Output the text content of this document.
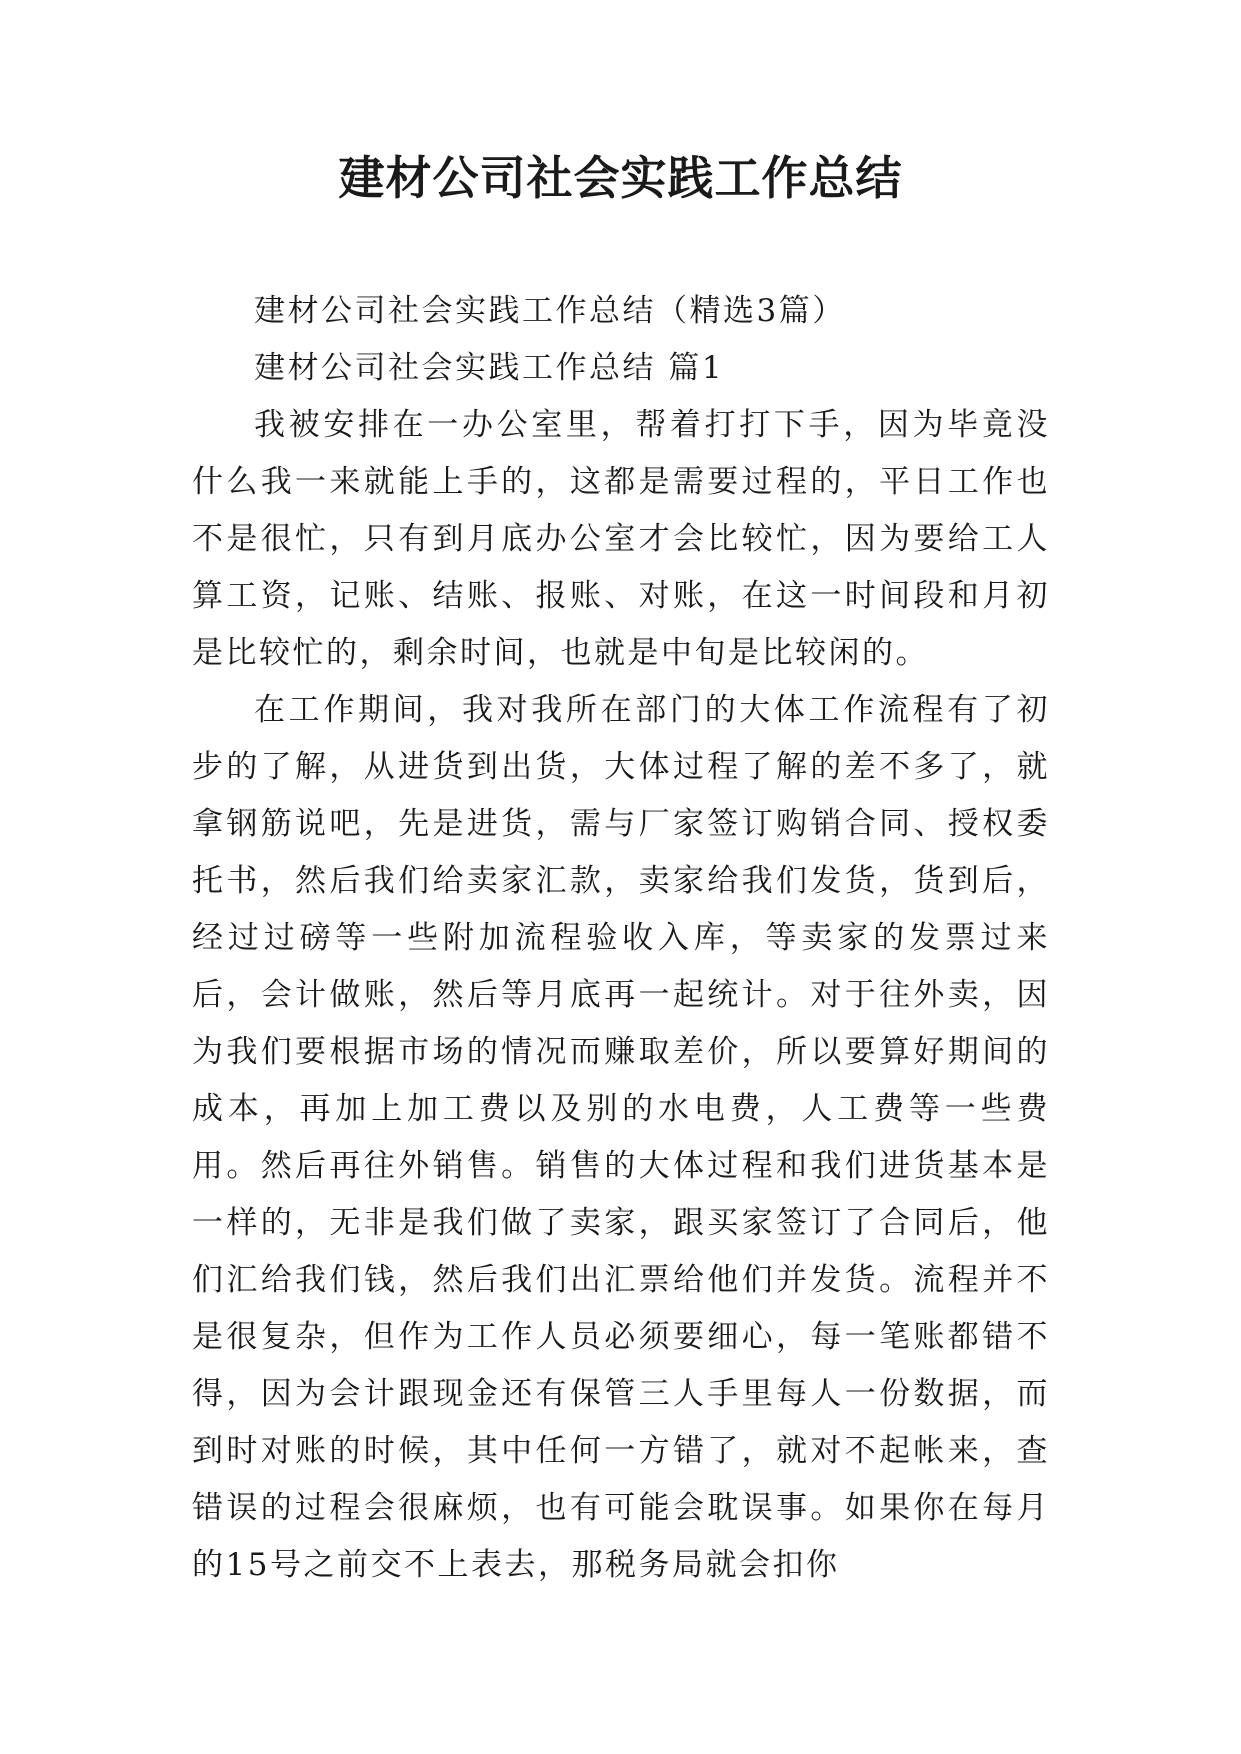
建材公司社会实践工作总结

建材公司社会实践工作总结（精选3篇）

建材公司社会实践工作总结 篇1

我被安排在一办公室里，帮着打打下手，因为毕竟没什么我一来就能上手的，这都是需要过程的，平日工作也不是很忙，只有到月底办公室才会比较忙，因为要给工人算工资，记账、结账、报账、对账，在这一时间段和月初是比较忙的，剩余时间，也就是中旬是比较闲的。

在工作期间，我对我所在部门的大体工作流程有了初步的了解，从进货到出货，大体过程了解的差不多了，就拿钢筋说吧，先是进货，需与厂家签订购销合同、授权委托书，然后我们给卖家汇款，卖家给我们发货，货到后，经过过磅等一些附加流程验收入库，等卖家的发票过来后，会计做账，然后等月底再一起统计。对于往外卖，因为我们要根据市场的情况而赚取差价，所以要算好期间的成本，再加上加工费以及别的水电费，人工费等一些费用。然后再往外销售。销售的大体过程和我们进货基本是一样的，无非是我们做了卖家，跟买家签订了合同后，他们汇给我们钱，然后我们出汇票给他们并发货。流程并不是很复杂，但作为工作人员必须要细心，每一笔账都错不得，因为会计跟现金还有保管三人手里每人一份数据，而到时对账的时候，其中任何一方错了，就对不起帐来，查错误的过程会很麻烦，也有可能会耽误事。如果你在每月的15号之前交不上表去，那税务局就会扣你
